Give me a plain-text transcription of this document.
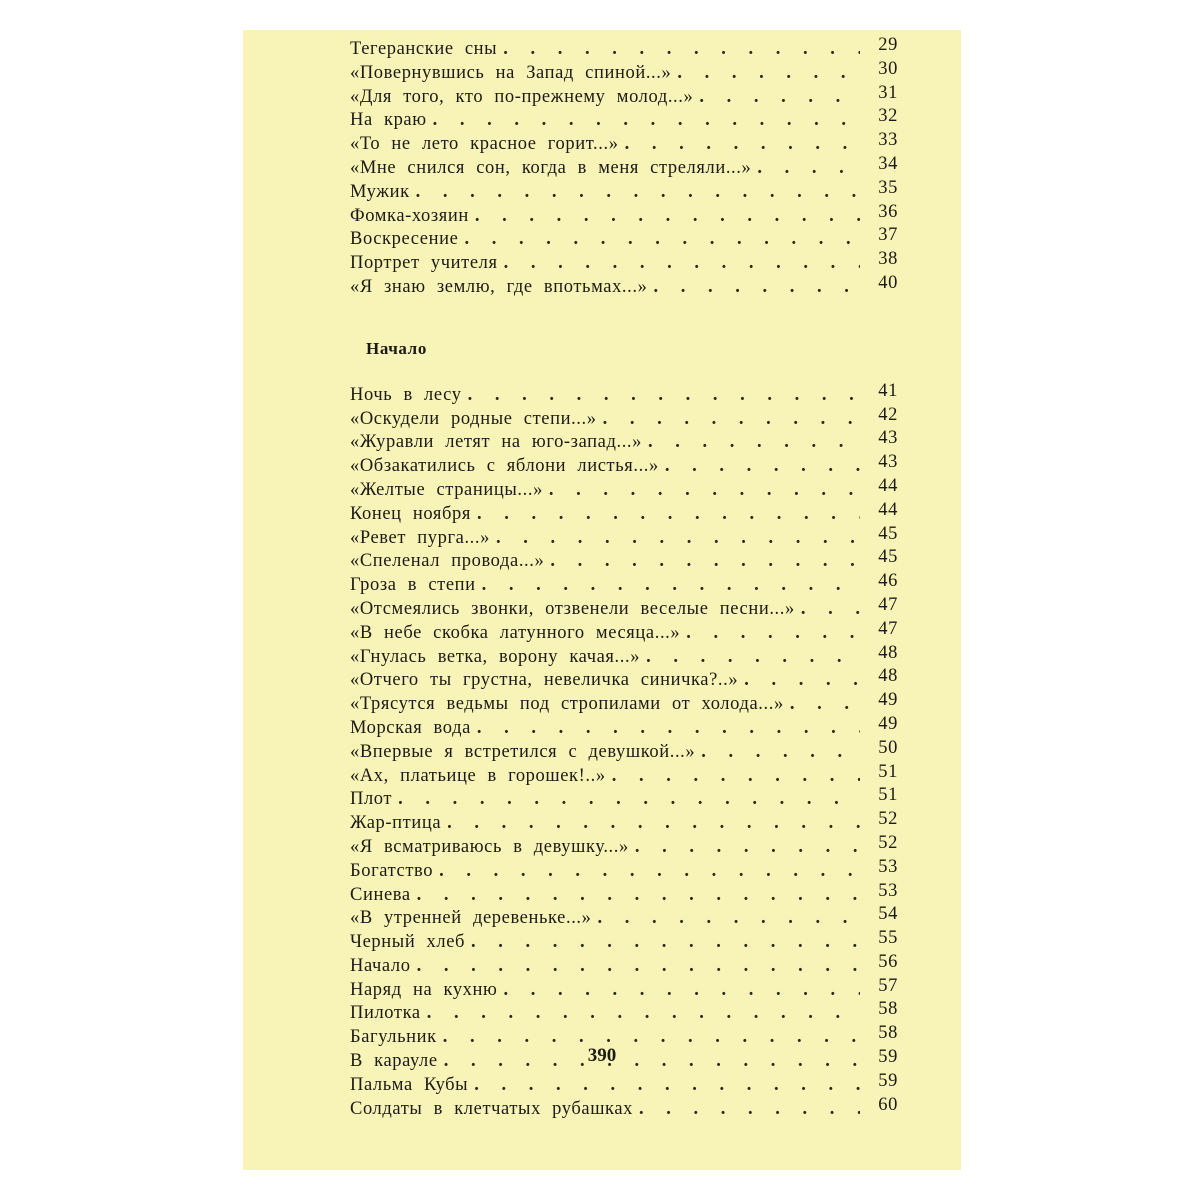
Тегеранские сны . . .	29
«Повернувшись на Запад спиной...» . . .	30
«Для того, кто по-прежнему молод...» . . .	31
На краю . . .	32
«То не лето красное горит...» . . .	33
«Мне снился сон, когда в меня стреляли...» . . .	34
Мужик . . .	35
Фомка-хозяин . . .	36
Воскресение . . .	37
Портрет учителя . . .	38
«Я знаю землю, где впотьмах...» . . .	40
Начало
Ночь в лесу . . .	41
«Оскудели родные степи...» . . .	42
«Журавли летят на юго-запад...» . . .	43
«Обзакатились с яблони листья...» . . .	43
«Желтые страницы...» . . .	44
Конец ноября . . .	44
«Ревет пурга...» . . .	45
«Спеленал провода...» . . .	45
Гроза в степи . . .	46
«Отсмеялись звонки, отзвенели веселые песни...» . . .	47
«В небе скобка латунного месяца...» . . .	47
«Гнулась ветка, ворону качая...» . . .	48
«Отчего ты грустна, невеличка синичка?..» . . .	48
«Трясутся ведьмы под стропилами от холода...» . . .	49
Морская вода . . .	49
«Впервые я встретился с девушкой...» . . .	50
«Ах, платьице в горошек!..» . . .	51
Плот . . .	51
Жар-птица . . .	52
«Я всматриваюсь в девушку...» . . .	52
Богатство . . .	53
Синева . . .	53
«В утренней деревеньке...» . . .	54
Черный хлеб . . .	55
Начало . . .	56
Наряд на кухню . . .	57
Пилотка . . .	58
Багульник . . .	58
В карауле . . .	59
Пальма Кубы . . .	59
Солдаты в клетчатых рубашках . . .	60
390
